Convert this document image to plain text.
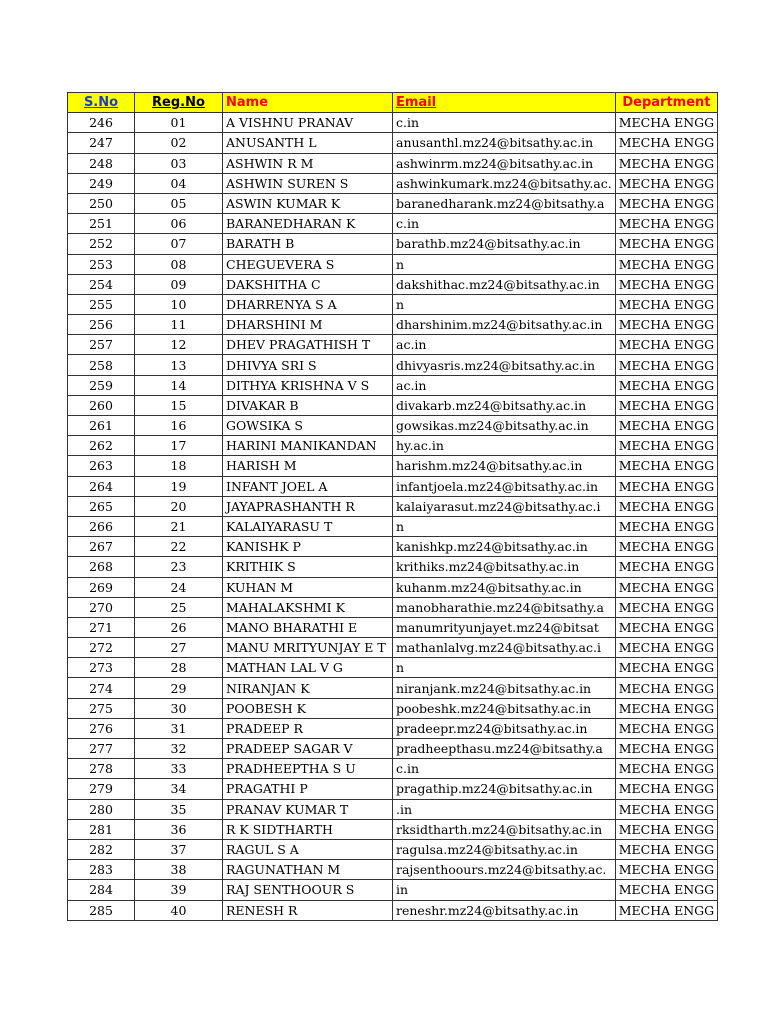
S.No	Reg.No	Name	Email	Department
246	01	A VISHNU PRANAV	c.in	MECHA ENGG
247	02	ANUSANTH L	anusanthl.mz24@bitsathy.ac.in	MECHA ENGG
248	03	ASHWIN R M	ashwinrm.mz24@bitsathy.ac.in	MECHA ENGG
249	04	ASHWIN SUREN S	ashwinkumark.mz24@bitsathy.ac.	MECHA ENGG
250	05	ASWIN KUMAR K	baranedharank.mz24@bitsathy.a	MECHA ENGG
251	06	BARANEDHARAN K	c.in	MECHA ENGG
252	07	BARATH B	barathb.mz24@bitsathy.ac.in	MECHA ENGG
253	08	CHEGUEVERA S	n	MECHA ENGG
254	09	DAKSHITHA C	dakshithac.mz24@bitsathy.ac.in	MECHA ENGG
255	10	DHARRENYA S A	n	MECHA ENGG
256	11	DHARSHINI M	dharshinim.mz24@bitsathy.ac.in	MECHA ENGG
257	12	DHEV PRAGATHISH T	ac.in	MECHA ENGG
258	13	DHIVYA SRI S	dhivyasris.mz24@bitsathy.ac.in	MECHA ENGG
259	14	DITHYA KRISHNA V S	ac.in	MECHA ENGG
260	15	DIVAKAR B	divakarb.mz24@bitsathy.ac.in	MECHA ENGG
261	16	GOWSIKA S	gowsikas.mz24@bitsathy.ac.in	MECHA ENGG
262	17	HARINI MANIKANDAN	hy.ac.in	MECHA ENGG
263	18	HARISH M	harishm.mz24@bitsathy.ac.in	MECHA ENGG
264	19	INFANT JOEL A	infantjoela.mz24@bitsathy.ac.in	MECHA ENGG
265	20	JAYAPRASHANTH R	kalaiyarasut.mz24@bitsathy.ac.i	MECHA ENGG
266	21	KALAIYARASU T	n	MECHA ENGG
267	22	KANISHK P	kanishkp.mz24@bitsathy.ac.in	MECHA ENGG
268	23	KRITHIK S	krithiks.mz24@bitsathy.ac.in	MECHA ENGG
269	24	KUHAN M	kuhanm.mz24@bitsathy.ac.in	MECHA ENGG
270	25	MAHALAKSHMI K	manobharathie.mz24@bitsathy.a	MECHA ENGG
271	26	MANO BHARATHI E	manumrityunjayet.mz24@bitsat	MECHA ENGG
272	27	MANU MRITYUNJAY E T	mathanlalvg.mz24@bitsathy.ac.i	MECHA ENGG
273	28	MATHAN LAL V G	n	MECHA ENGG
274	29	NIRANJAN K	niranjank.mz24@bitsathy.ac.in	MECHA ENGG
275	30	POOBESH K	poobeshk.mz24@bitsathy.ac.in	MECHA ENGG
276	31	PRADEEP R	pradeepr.mz24@bitsathy.ac.in	MECHA ENGG
277	32	PRADEEP SAGAR V	pradheepthasu.mz24@bitsathy.a	MECHA ENGG
278	33	PRADHEEPTHA S U	c.in	MECHA ENGG
279	34	PRAGATHI P	pragathip.mz24@bitsathy.ac.in	MECHA ENGG
280	35	PRANAV KUMAR T	.in	MECHA ENGG
281	36	R K SIDTHARTH	rksidtharth.mz24@bitsathy.ac.in	MECHA ENGG
282	37	RAGUL S A	ragulsa.mz24@bitsathy.ac.in	MECHA ENGG
283	38	RAGUNATHAN M	rajsenthoours.mz24@bitsathy.ac.	MECHA ENGG
284	39	RAJ SENTHOOUR S	in	MECHA ENGG
285	40	RENESH R	reneshr.mz24@bitsathy.ac.in	MECHA ENGG
